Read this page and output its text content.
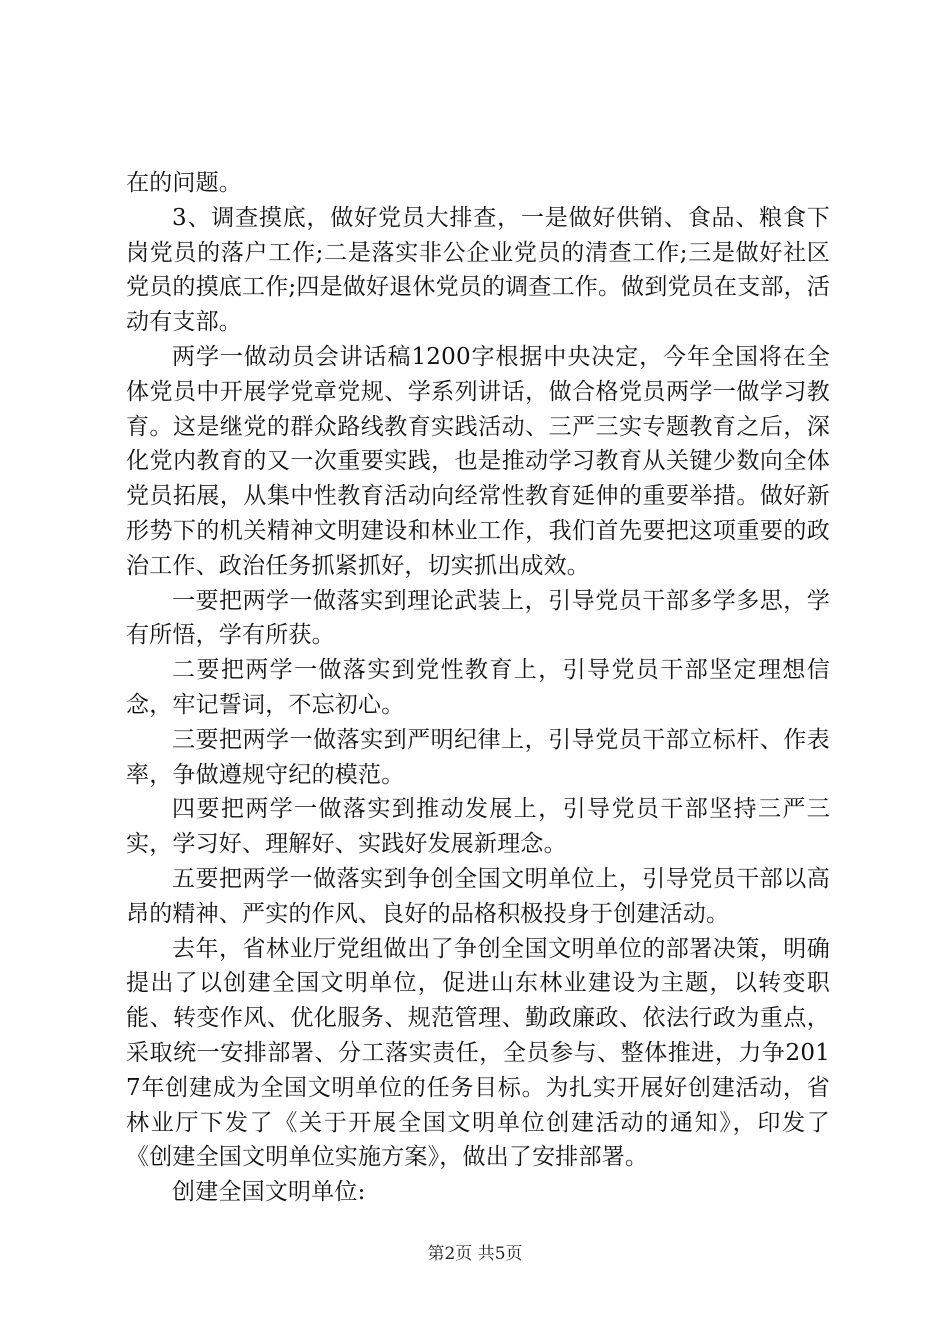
在的问题。

3、调查摸底，做好党员大排查，一是做好供销、食品、粮食下岗党员的落户工作;二是落实非公企业党员的清查工作;三是做好社区党员的摸底工作;四是做好退休党员的调查工作。做到党员在支部，活动有支部。

两学一做动员会讲话稿1200字根据中央决定，今年全国将在全体党员中开展学党章党规、学系列讲话，做合格党员两学一做学习教育。这是继党的群众路线教育实践活动、三严三实专题教育之后，深化党内教育的又一次重要实践，也是推动学习教育从关键少数向全体党员拓展，从集中性教育活动向经常性教育延伸的重要举措。做好新形势下的机关精神文明建设和林业工作，我们首先要把这项重要的政治工作、政治任务抓紧抓好，切实抓出成效。

一要把两学一做落实到理论武装上，引导党员干部多学多思，学有所悟，学有所获。

二要把两学一做落实到党性教育上，引导党员干部坚定理想信念，牢记誓词，不忘初心。

三要把两学一做落实到严明纪律上，引导党员干部立标杆、作表率，争做遵规守纪的模范。

四要把两学一做落实到推动发展上，引导党员干部坚持三严三实，学习好、理解好、实践好发展新理念。

五要把两学一做落实到争创全国文明单位上，引导党员干部以高昂的精神、严实的作风、良好的品格积极投身于创建活动。

去年，省林业厅党组做出了争创全国文明单位的部署决策，明确提出了以创建全国文明单位，促进山东林业建设为主题，以转变职能、转变作风、优化服务、规范管理、勤政廉政、依法行政为重点，采取统一安排部署、分工落实责任，全员参与、整体推进，力争2017年创建成为全国文明单位的任务目标。为扎实开展好创建活动，省林业厅下发了《关于开展全国文明单位创建活动的通知》，印发了《创建全国文明单位实施方案》，做出了安排部署。

创建全国文明单位:

第2页 共5页
